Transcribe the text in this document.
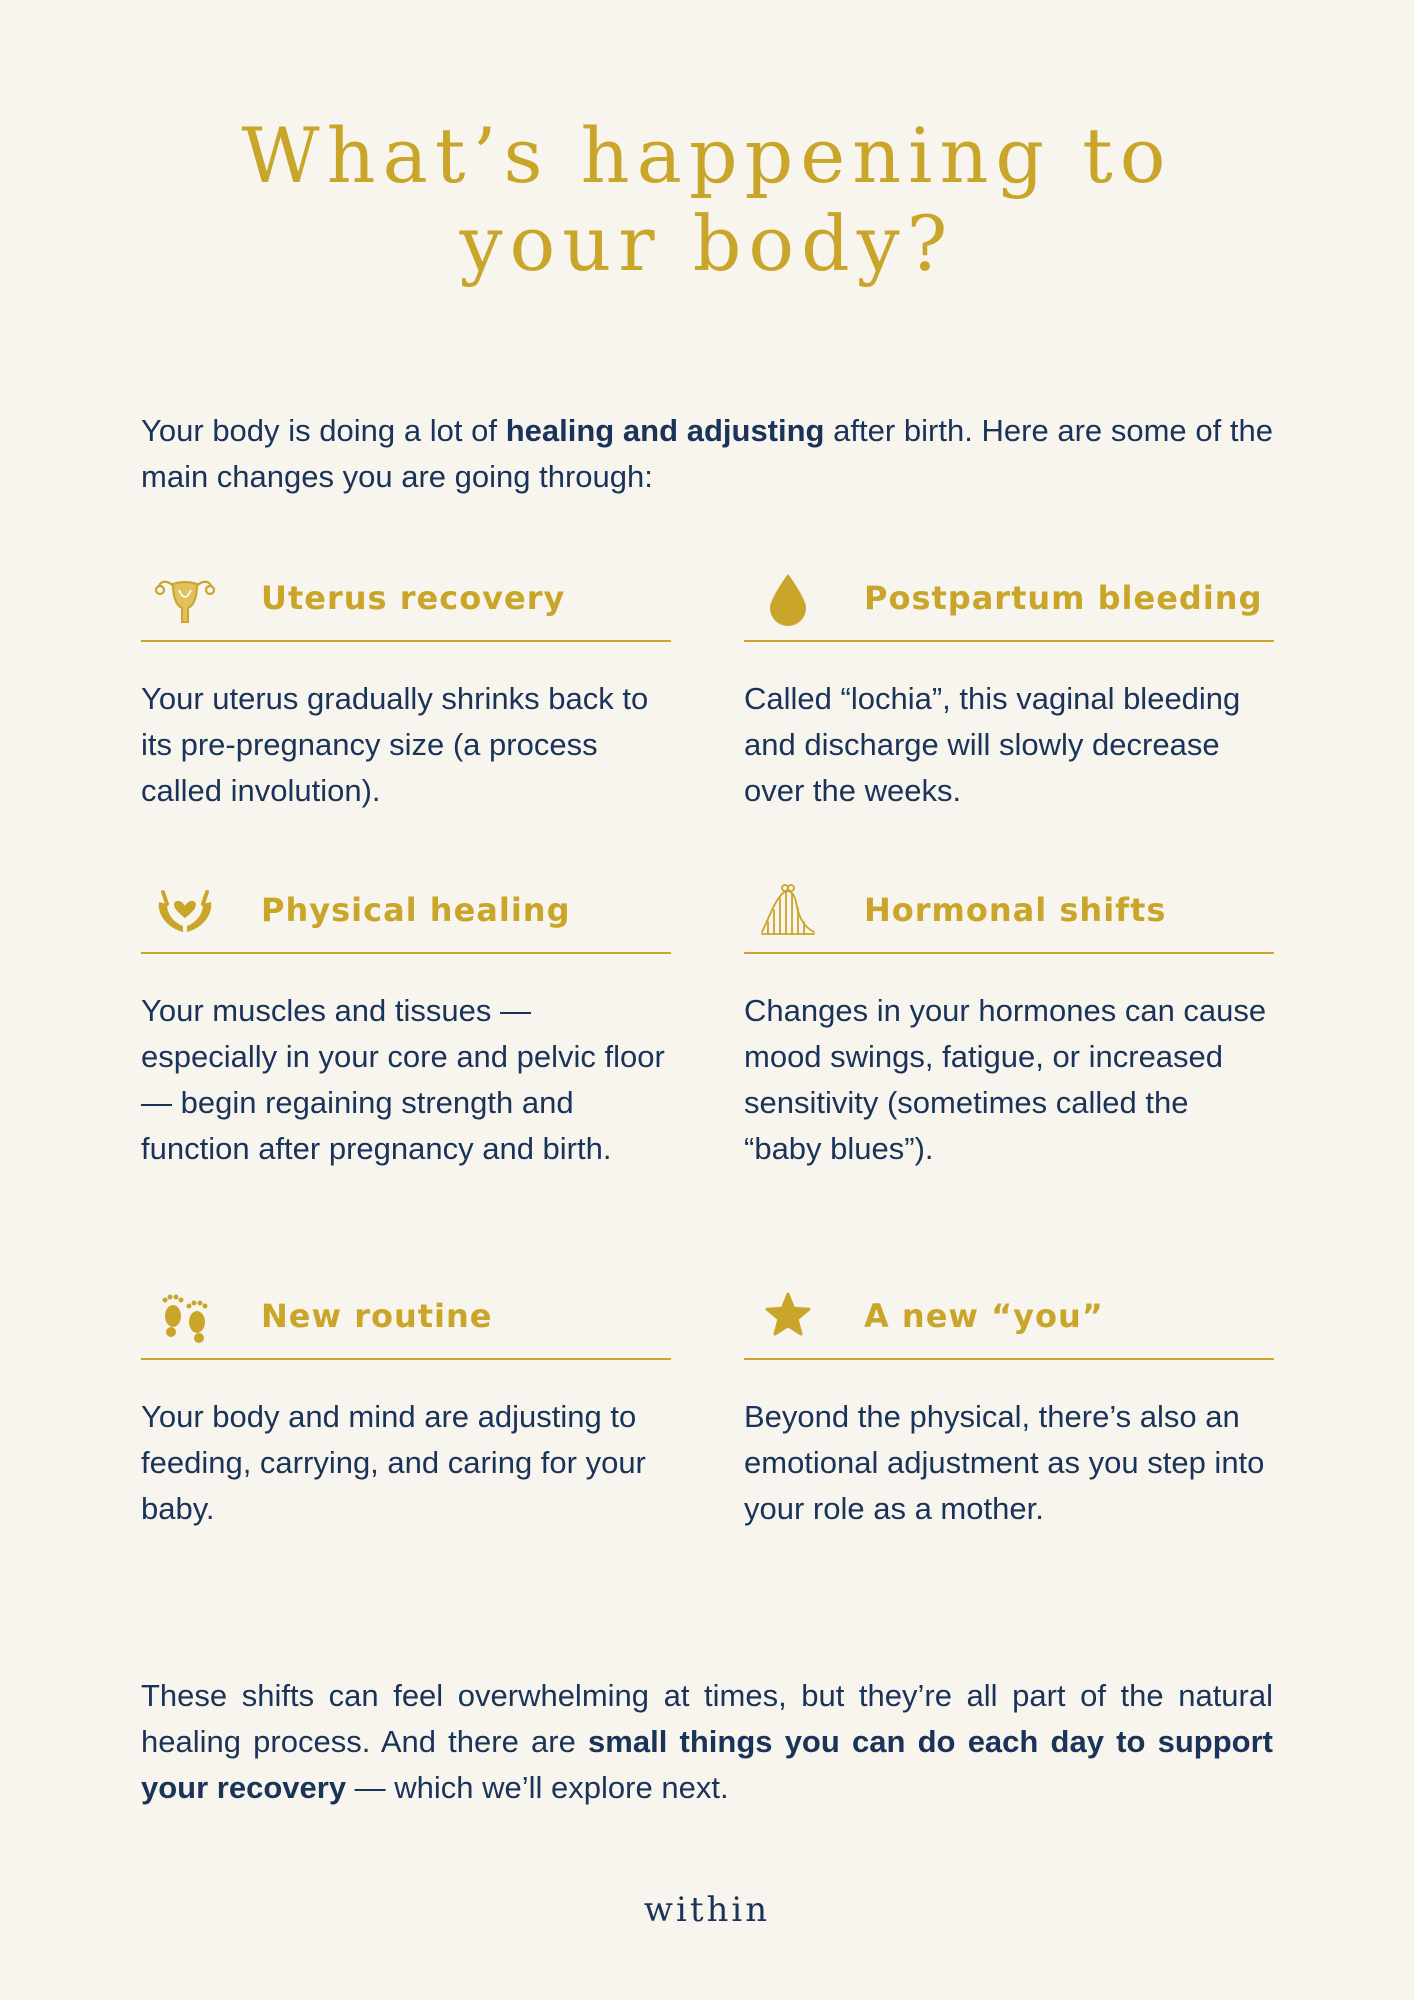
What’s happening to
your body?

Your body is doing a lot of healing and adjusting after birth. Here are some of the main changes you are going through:

Uterus recovery

Your uterus gradually shrinks back to its pre-pregnancy size (a process called involution).

Postpartum bleeding

Called “lochia”, this vaginal bleeding and discharge will slowly decrease over the weeks.

Physical healing

Your muscles and tissues — especially in your core and pelvic floor — begin regaining strength and function after pregnancy and birth.

Hormonal shifts

Changes in your hormones can cause mood swings, fatigue, or increased sensitivity (sometimes called the “baby blues”).

New routine

Your body and mind are adjusting to feeding, carrying, and caring for your baby.

A new “you”

Beyond the physical, there’s also an emotional adjustment as you step into your role as a mother.

These shifts can feel overwhelming at times, but they’re all part of the natural healing process. And there are small things you can do each day to support your recovery — which we’ll explore next.

within
